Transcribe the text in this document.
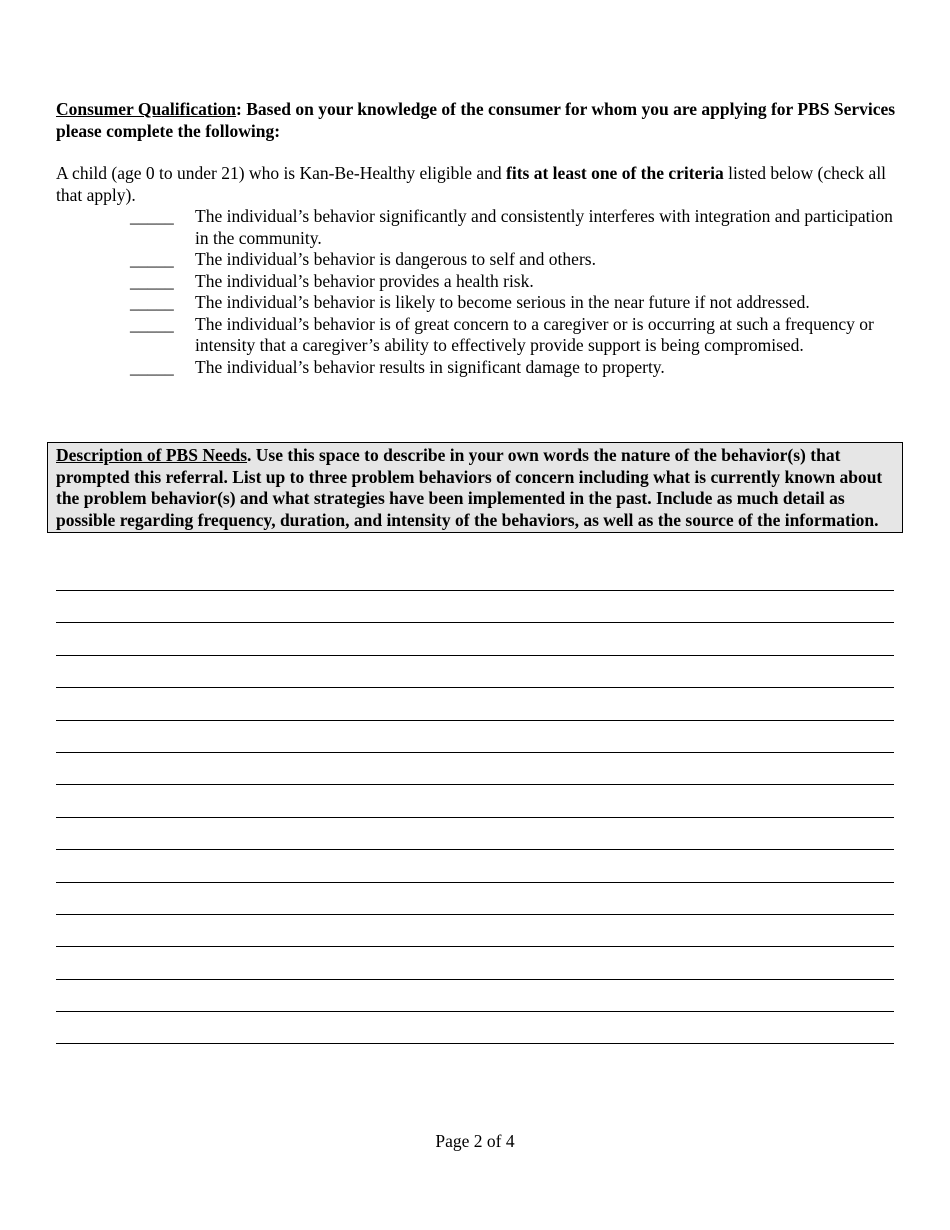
Consumer Qualification: Based on your knowledge of the consumer for whom you are applying for PBS Services please complete the following:
A child (age 0 to under 21) who is Kan-Be-Healthy eligible and fits at least one of the criteria listed below (check all that apply).
_____ The individual’s behavior significantly and consistently interferes with integration and participation in the community.
_____ The individual’s behavior is dangerous to self and others.
_____ The individual’s behavior provides a health risk.
_____ The individual’s behavior is likely to become serious in the near future if not addressed.
_____ The individual’s behavior is of great concern to a caregiver or is occurring at such a frequency or intensity that a caregiver’s ability to effectively provide support is being compromised.
_____ The individual’s behavior results in significant damage to property.
Description of PBS Needs. Use this space to describe in your own words the nature of the behavior(s) that prompted this referral. List up to three problem behaviors of concern including what is currently known about the problem behavior(s) and what strategies have been implemented in the past. Include as much detail as possible regarding frequency, duration, and intensity of the behaviors, as well as the source of the information.
Page 2 of 4
